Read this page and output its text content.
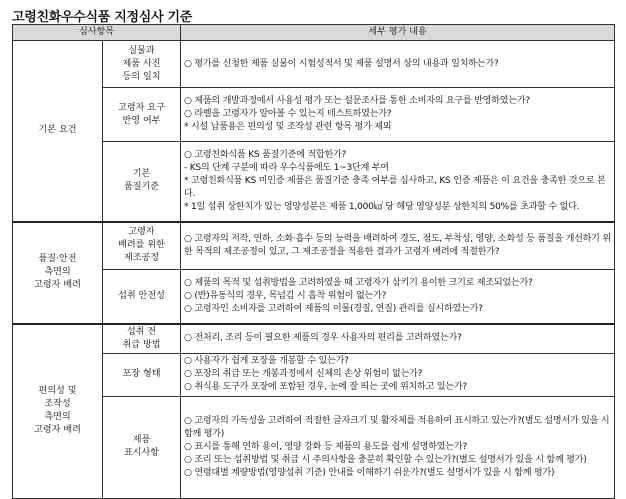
고령친화우수식품 지정심사 기준
심사항목		세부 평가 내용

기본 요건	실물과
제품 사진
등의 일치	○ 평가를 신청한 제품 실물이 시험성적서 및 제품 설명서 상의 내용과 일치하는가?

	고령자 요구
반영 여부	○ 제품의 개발과정에서 사용성 평가 또는 설문조사를 통한 소비자의 요구를 반영하였는가?
○ 라벨을 고령자가 알아볼 수 있는지 테스트하였는가?
* 시설 납품용은 편의성 및 조작성 관련 항목 평가 제외

	기본
품질기준	○ 고령친화식품 KS 품질기준에 적합한가?
- KS의 단계 구분에 따라 우수식품에도 1~3단계 부여
* 고령친화식품 KS 미인증 제품은 품질기준 충족 여부를 심사하고, KS 인증 제품은 이 요건을 충족한 것으로 본다.
* 1일 섭취 상한치가 있는 영양성분은 제품 1,000㎉ 당 해당 영양성분 상한치의 50%를 초과할 수 없다.

품질·안전
측면의
고령자 배려	고령자
배려를 위한
제조공정	○ 고령자의 저작, 연하, 소화·흡수 등의 능력을 배려하여 경도, 점도, 부착성, 영양, 소화성 등 품질을 개선하기 위한 목적의 제조공정이 있고, 그 제조공정을 적용한 결과가 고령자 배려에 적절한가?

	섭취 안전성	○ 제품의 목적 및 섭취방법을 고려하였을 때 고령자가 삼키기 용이한 크기로 제조되었는가?
○ (반)유동식의 경우, 목넘김 시 흡착 위험이 없는가?
○ 고령자인 소비자를 고려하여 제품의 이물(경질, 연질) 관리를 실시하였는가?

편의성 및
조작성
측면의
고령자 배려	섭취 전
취급 방법	○ 전처리, 조리 등이 필요한 제품의 경우 사용자의 편리를 고려하였는가?

	포장 형태	○ 사용자가 쉽게 포장을 개봉할 수 있는가?
○ 포장의 취급 또는 개봉과정에서 신체의 손상 위험이 없는가?
○ 취식용 도구가 포장에 포함된 경우, 눈에 잘 띄는 곳에 위치하고 있는가?

	제품
표시사항	○ 고령자의 가독성을 고려하여 적절한 글자크기 및 활자체를 적용하여 표시하고 있는가?(별도 설명서가 있을 시 함께 평가)
○ 표시를 통해 연하 용이, 영양 강화 등 제품의 용도를 쉽게 설명하였는가?
○ 조리 또는 섭취방법 및 취급 시 주의사항을 충분히 확인할 수 있는가?(별도 설명서가 있을 시 함께 평가)
○ 연령대별 계량방법(영양섭취 기준) 안내를 이해하기 쉬운가?(별도 설명서가 있을 시 함께 평가)
